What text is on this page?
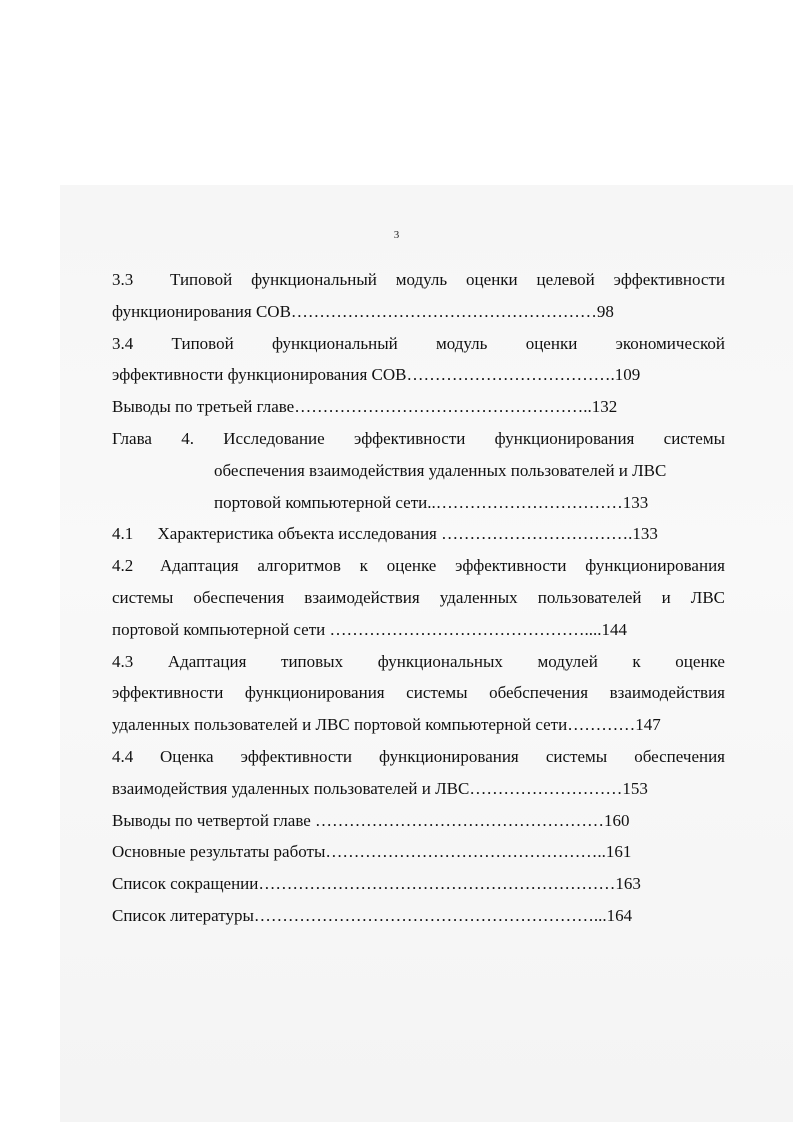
3
3.3 Типовой функциональный модуль оценки целевой эффективности
функционирования СОВ………………………………………………98
3.4 Типовой функциональный модуль оценки экономической
эффективности функционирования СОВ……………………………….109
Выводы по третьей главе……………………………………………..132
Глава 4. Исследование эффективности функционирования системы
обеспечения взаимодействия удаленных пользователей и ЛВС
портовой компьютерной сети..……………………………133
4.1 Характеристика объекта исследования …………………………….133
4.2 Адаптация алгоритмов к оценке эффективности функционирования
системы обеспечения взаимодействия удаленных пользователей и ЛВС
портовой компьютерной сети ………………………………………....144
4.3 Адаптация типовых функциональных модулей к оценке
эффективности функционирования системы обебспечения взаимодействия
удаленных пользователей и ЛВС портовой компьютерной сети…………147
4.4 Оценка эффективности функционирования системы обеспечения
взаимодействия удаленных пользователей и ЛВС………………………153
Выводы по четвертой главе ……………………………………………160
Основные результаты работы…………………………………………..161
Список сокращении………………………………………………………163
Список литературы……………………………………………………...164
